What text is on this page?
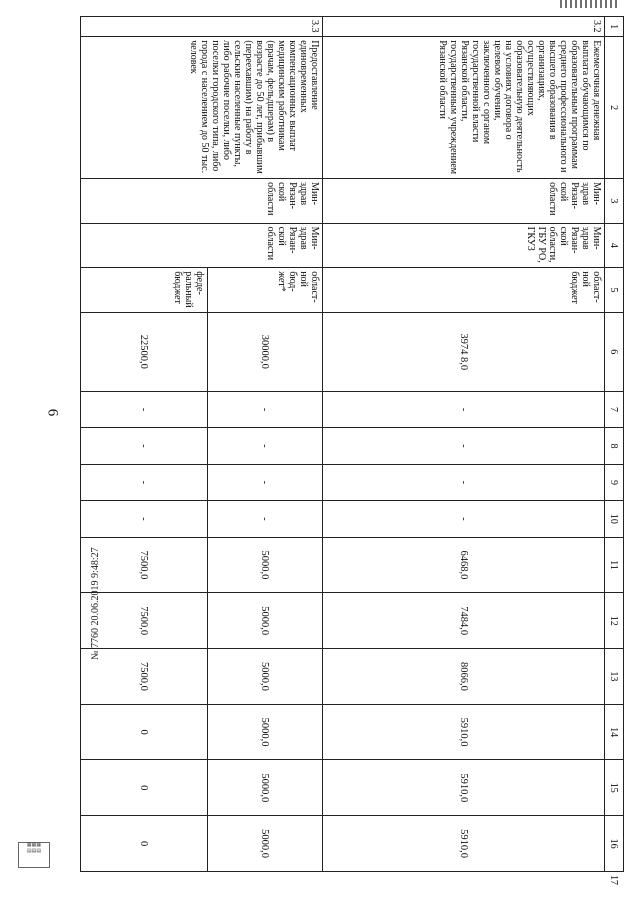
6
1	2	3	4	5	6	7	8	9	10	11	12	13	14	15	16	17
3.2	Ежемесячная денежная выплата обучающимся по образовательным программам среднего профессионального и высшего образования в организациях, осуществляющих образовательную деятельность на условиях договора о целевом обучении, заключенного с органом государственной власти Рязанской области, государственным учреждением Рязанской области	Мин-здрав Рязан-ской области	Мин-здрав Рязан-ской области, ГБУ РО, ГКУЗ	област-ной бюджет	3974 8,0	-	-	-	-	6468,0	7484,0	8066,0	5910,0	5910,0	5910,0	
3.3	Предоставление единовременных компенсационных выплат медицинским работникам (врачам, фельдшерам) в возрасте до 50 лет, прибывшим (переехавшим) на работу в сельские населенные пункты, либо рабочие поселки, либо поселки городского типа, либо города с населением до 50 тыс. человек	Мин-здрав Рязан-ской области	Мин-здрав Рязан-ской области	област-ной бюд-жет*	30000,0	-	-	-	-	5000,0	5000,0	5000,0	5000,0	5000,0	5000,0	
				феде-ральный бюджет	22500,0	-	-	-	-	7500,0	7500,0	7500,0	0	0	0	
№ 7760 20.06.2019 9:48:27
▦▦▦
▤▤▤
